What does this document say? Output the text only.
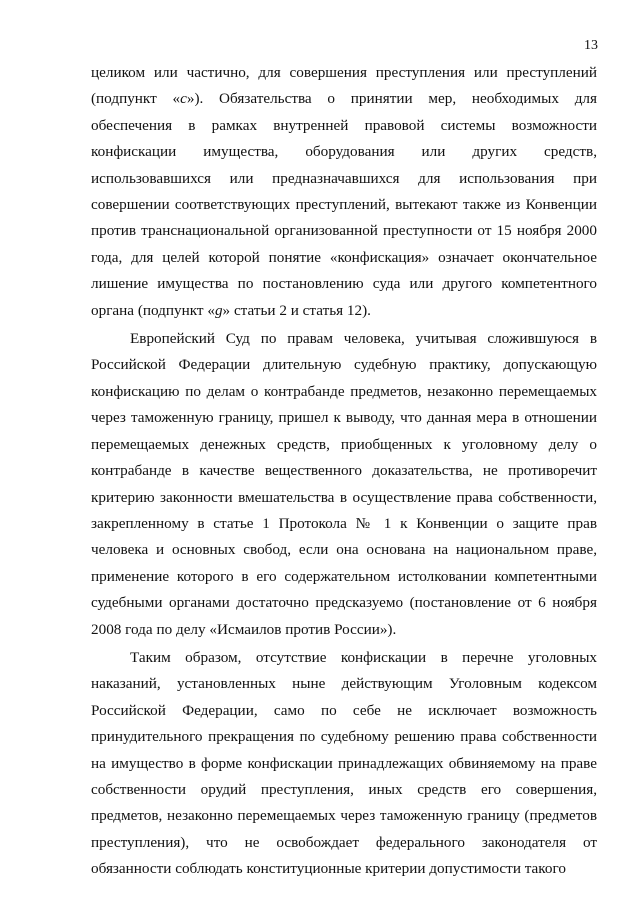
13

целиком или частично, для совершения преступления или преступлений (подпункт «c»). Обязательства о принятии мер, необходимых для обеспечения в рамках внутренней правовой системы возможности конфискации имущества, оборудования или других средств, использовавшихся или предназначавшихся для использования при совершении соответствующих преступлений, вытекают также из Конвенции против транснациональной организованной преступности от 15 ноября 2000 года, для целей которой понятие «конфискация» означает окончательное лишение имущества по постановлению суда или другого компетентного органа (подпункт «g» статьи 2 и статья 12).

Европейский Суд по правам человека, учитывая сложившуюся в Российской Федерации длительную судебную практику, допускающую конфискацию по делам о контрабанде предметов, незаконно перемещаемых через таможенную границу, пришел к выводу, что данная мера в отношении перемещаемых денежных средств, приобщенных к уголовному делу о контрабанде в качестве вещественного доказательства, не противоречит критерию законности вмешательства в осуществление права собственности, закрепленному в статье 1 Протокола № 1 к Конвенции о защите прав человека и основных свобод, если она основана на национальном праве, применение которого в его содержательном истолковании компетентными судебными органами достаточно предсказуемо (постановление от 6 ноября 2008 года по делу «Исмаилов против России»).

Таким образом, отсутствие конфискации в перечне уголовных наказаний, установленных ныне действующим Уголовным кодексом Российской Федерации, само по себе не исключает возможность принудительного прекращения по судебному решению права собственности на имущество в форме конфискации принадлежащих обвиняемому на праве собственности орудий преступления, иных средств его совершения, предметов, незаконно перемещаемых через таможенную границу (предметов преступления), что не освобождает федерального законодателя от обязанности соблюдать конституционные критерии допустимости такого
